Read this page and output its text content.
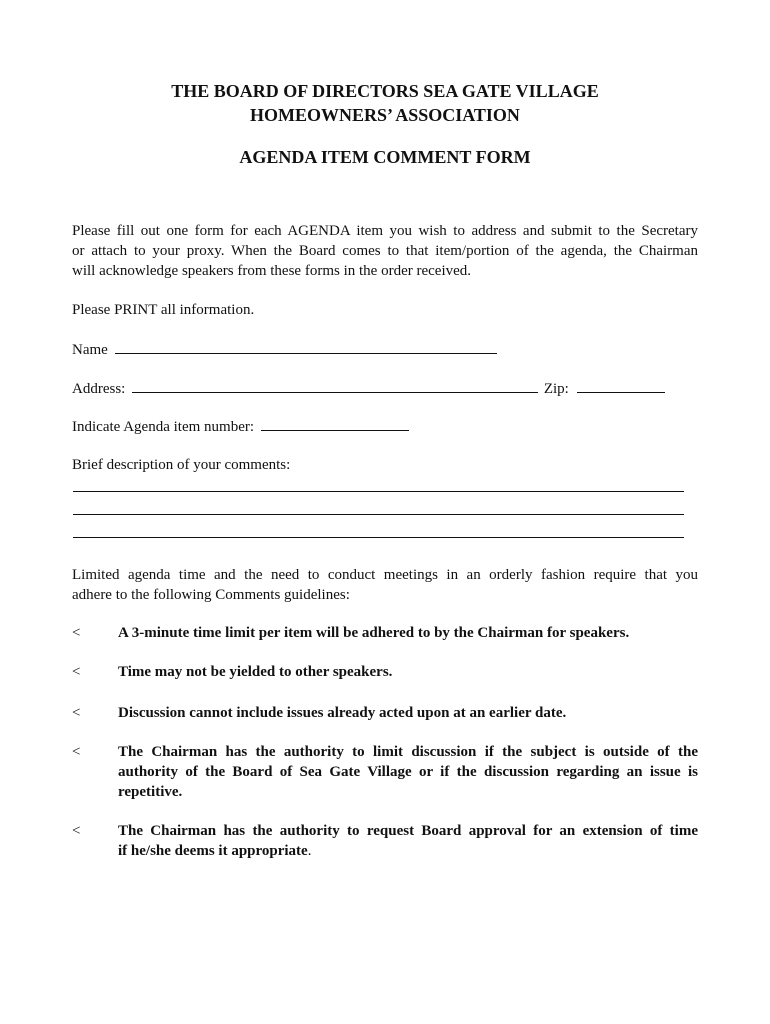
THE BOARD OF DIRECTORS SEA GATE VILLAGE
HOMEOWNERS’ ASSOCIATION
AGENDA ITEM COMMENT FORM
Please fill out one form for each AGENDA item you wish to address and submit to the Secretary
or attach to your proxy. When the Board comes to that item/portion of the agenda, the Chairman
will acknowledge speakers from these forms in the order received.
Please PRINT all information.
Name
Address:	Zip:
Indicate Agenda item number:
Brief description of your comments:
Limited agenda time and the need to conduct meetings in an orderly fashion require that you
adhere to the following Comments guidelines:
<	A 3-minute time limit per item will be adhered to by the Chairman for speakers.
<	Time may not be yielded to other speakers.
<	Discussion cannot include issues already acted upon at an earlier date.
<	The Chairman has the authority to limit discussion if the subject is outside of the
authority of the Board of Sea Gate Village or if the discussion regarding an issue is
repetitive.
<	The Chairman has the authority to request Board approval for an extension of time
if he/she deems it appropriate.
